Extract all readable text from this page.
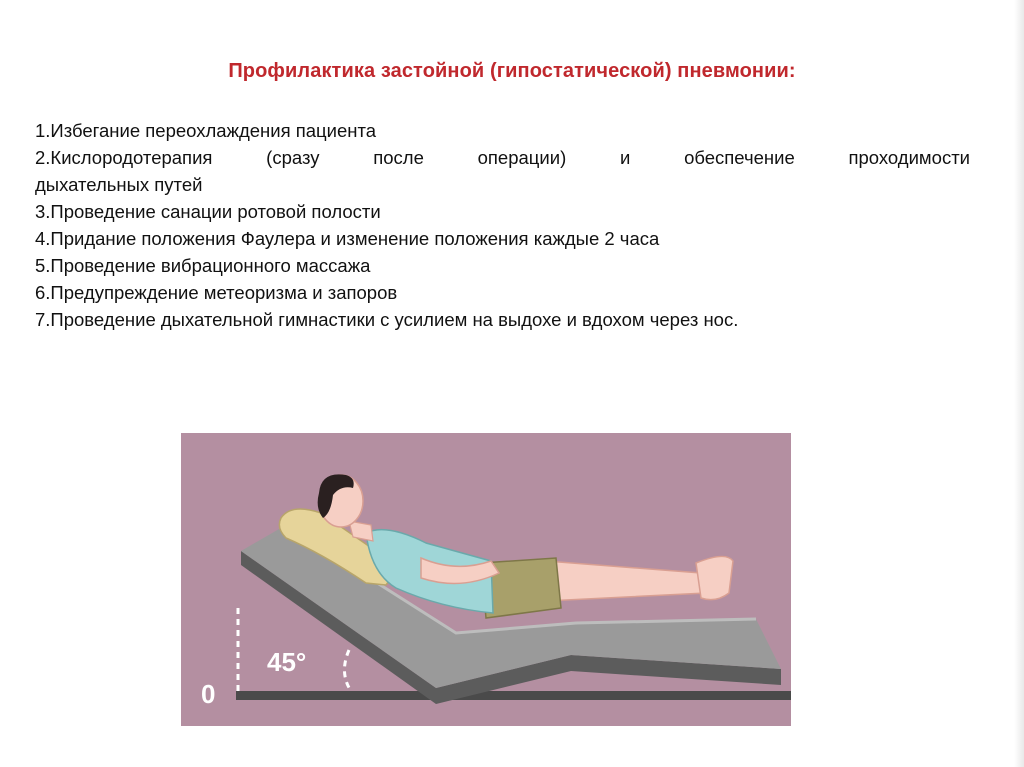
Профилактика застойной (гипостатической) пневмонии:
1.Избегание переохлаждения пациента
2.Кислородотерапия (сразу после операции) и обеспечение проходимости
дыхательных путей
3.Проведение санации ротовой полости
4.Придание положения Фаулера и изменение положения каждые 2 часа
5.Проведение вибрационного массажа
6.Предупреждение метеоризма и запоров
7.Проведение дыхательной гимнастики с усилием на выдохе и вдохом через нос.
45°
0
